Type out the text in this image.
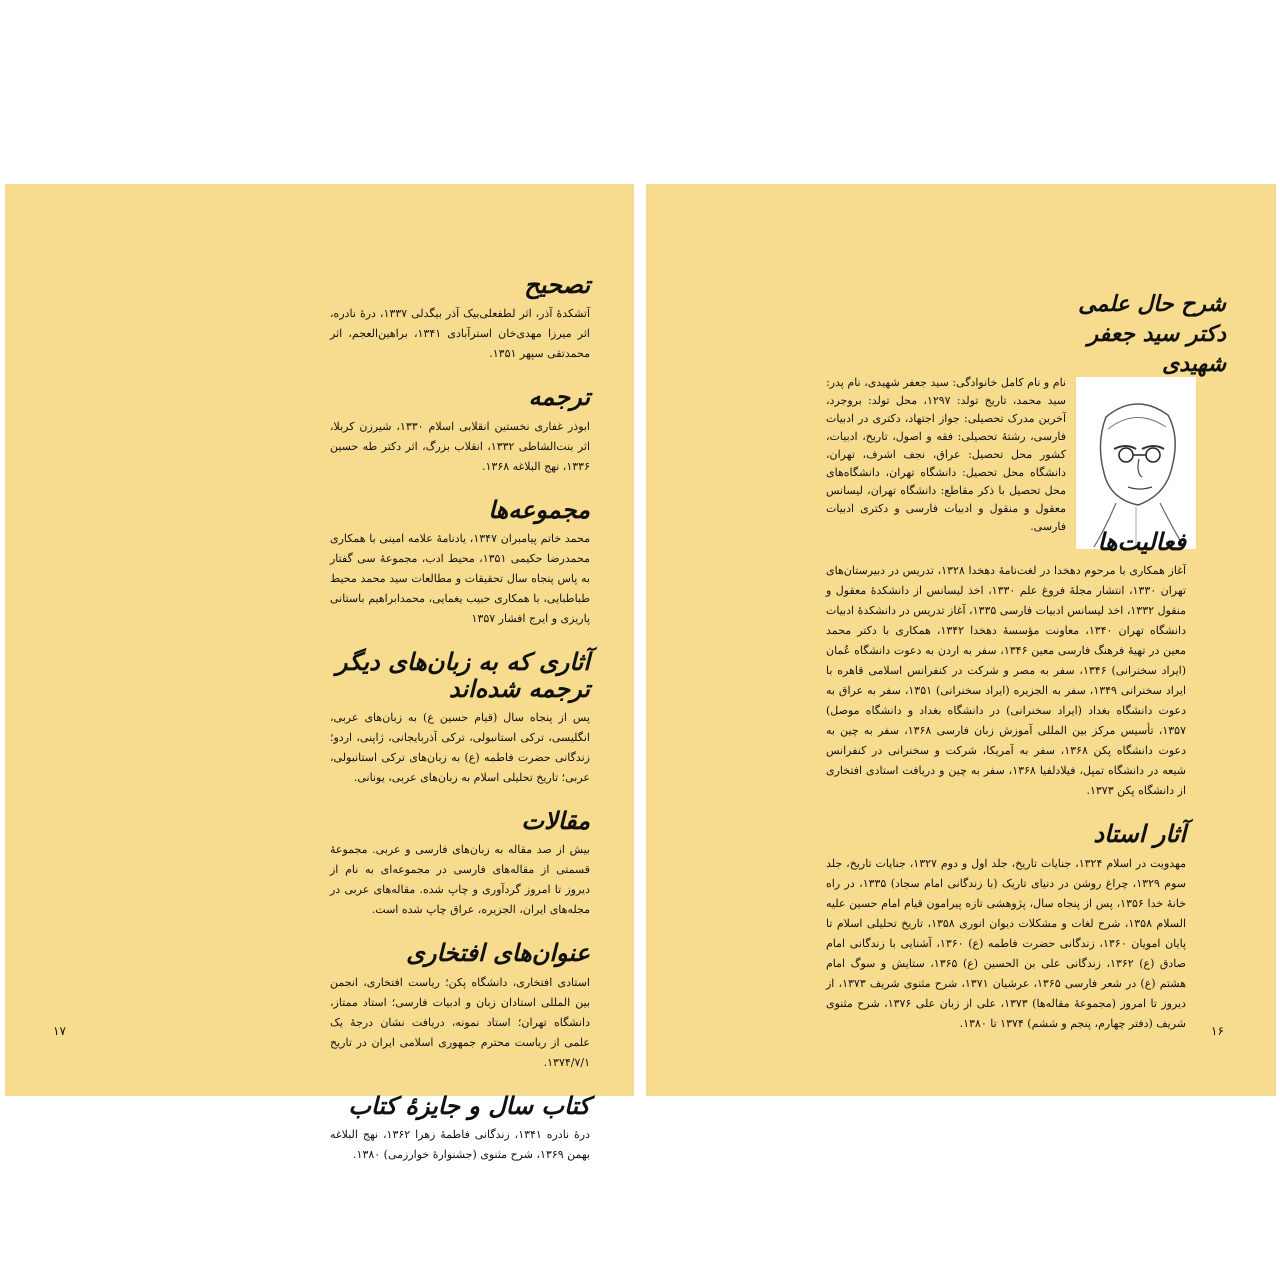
تصحیح

آتشکدهٔ آذر، اثر لطفعلی‌بیک آذر بیگدلی ۱۳۳۷، درهٔ نادره، اثر میرزا مهدی‌خان استرآبادی ۱۳۴۱، براهین‌العجم، اثر محمدتقی سپهر ۱۳۵۱.

ترجمه

ابوذر غفاری نخستین انقلابی اسلام ۱۳۳۰، شیرزن کربلا، اثر بنت‌الشاطی ۱۳۳۲، انقلاب بزرگ، اثر دکتر طه حسین ۱۳۳۶، نهج البلاغه ۱۳۶۸.

مجموعه‌ها

محمد خاتم پیامبران ۱۳۴۷، یادنامهٔ علامه امینی با همکاری محمدرضا حکیمی ۱۳۵۱، محیط ادب، مجموعهٔ سی گفتار به پاس پنجاه سال تحقیقات و مطالعات سید محمد محیط طباطبایی، با همکاری حبیب یغمایی، محمدابراهیم باستانی پاریزی و ایرج افشار ۱۳۵۷

آثاری که به زبان‌های دیگر ترجمه شده‌اند

پس از پنجاه سال (قیام حسین ع) به زبان‌های عربی، انگلیسی، ترکی استانبولی، ترکی آذربایجانی، ژاپنی، اردو؛ زندگانی حضرت فاطمه (ع) به زبان‌های ترکی استانبولی، عربی؛ تاریخ تحلیلی اسلام به زبان‌های عربی، یونانی.

مقالات

بیش از صد مقاله به زبان‌های فارسی و عربی. مجموعهٔ قسمتی از مقاله‌های فارسی در مجموعه‌ای به نام از دیروز تا امروز گردآوری و چاپ شده. مقاله‌های عربی در مجله‌های ایران، الجزیره، عراق چاپ شده است.

عنوان‌های افتخاری

استادی افتخاری، دانشگاه پکن؛ ریاست افتخاری، انجمن بین المللی استادان زبان و ادبیات فارسی؛ استاد ممتاز، دانشگاه تهران؛ استاد نمونه، دریافت نشان درجهٔ یک علمی از ریاست محترم جمهوری اسلامی ایران در تاریخ ۱۳۷۴/۷/۱.

کتاب سال و جایزهٔ کتاب

درهٔ نادره ۱۳۴۱، زندگانی فاطمهٔ زهرا ۱۳۶۲، نهج البلاغه بهمن ۱۳۶۹، شرح مثنوی (جشنوارهٔ خوارزمی) ۱۳۸۰.

۱۷
شرح حال علمی
دکتر سید جعفر شهیدی
نام و نام کامل خانوادگی: سید جعفر شهیدی، نام پدر: سید محمد، تاریخ تولد: ۱۲۹۷، محل تولد: بروجرد، آخرین مدرک تحصیلی: جواز اجتهاد، دکتری در ادبیات فارسی، رشتهٔ تحصیلی: فقه و اصول، تاریخ، ادبیات، کشور محل تحصیل: عراق، نجف اشرف، تهران، دانشگاه محل تحصیل: دانشگاه تهران، دانشگاه‌های محل تحصیل با ذکر مقاطع: دانشگاه تهران، لیسانس معقول و منقول و ادبیات فارسی و دکتری ادبیات فارسی.
فعالیت‌ها

آغاز همکاری با مرحوم دهخدا در لغت‌نامهٔ دهخدا ۱۳۲۸، تدریس در دبیرستان‌های تهران ۱۳۳۰، انتشار مجلهٔ فروغ علم ۱۳۳۰، اخذ لیسانس از دانشکدهٔ معقول و منقول ۱۳۳۲، اخذ لیسانس ادبیات فارسی ۱۳۳۵، آغاز تدریس در دانشکدهٔ ادبیات دانشگاه تهران ۱۳۴۰، معاونت مؤسسهٔ دهخدا ۱۳۴۲، همکاری با دکتر محمد معین در تهیهٔ فرهنگ فارسی معین ۱۳۴۶، سفر به اردن به دعوت دانشگاه عُمان (ایراد سخنرانی) ۱۳۴۶، سفر به مصر و شرکت در کنفرانس اسلامی قاهره با ایراد سخنرانی ۱۳۴۹، سفر به الجزیره (ایراد سخنرانی) ۱۳۵۱، سفر به عراق به دعوت دانشگاه بغداد (ایراد سخنرانی) در دانشگاه بغداد و دانشگاه موصل) ۱۳۵۷، تأسیس مرکز بین المللی آموزش زبان فارسی ۱۳۶۸، سفر به چین به دعوت دانشگاه پکن ۱۳۶۸، سفر به آمریکا، شرکت و سخنرانی در کنفرانس شیعه در دانشگاه تمپل، فیلادلفیا ۱۳۶۸، سفر به چین و دریافت استادی افتخاری از دانشگاه پکن ۱۳۷۳.

آثار استاد

مهدویت در اسلام ۱۳۲۴، جنایات تاریخ، جلد اول و دوم ۱۳۲۷، جنایات تاریخ، جلد سوم ۱۳۲۹، چراغ روشن در دنیای تاریک (با زندگانی امام سجاد) ۱۳۳۵، در راه خانهٔ خدا ۱۳۵۶، پس از پنجاه سال، پژوهشی تازه پیرامون قیام امام حسین علیه السلام ۱۳۵۸، شرح لغات و مشکلات دیوان انوری ۱۳۵۸، تاریخ تحلیلی اسلام تا پایان امویان ۱۳۶۰، زندگانی حضرت فاطمه (ع) ۱۳۶۰، آشنایی با زندگانی امام صادق (ع) ۱۳۶۲، زندگانی علی بن الحسین (ع) ۱۳۶۵، ستایش و سوگ امام هشتم (ع) در شعر فارسی ۱۳۶۵، عرشیان ۱۳۷۱، شرح مثنوی شریف ۱۳۷۳، از دیروز تا امروز (مجموعهٔ مقاله‌ها) ۱۳۷۳، علی از زبان علی ۱۳۷۶، شرح مثنوی شریف (دفتر چهارم، پنجم و ششم) ۱۳۷۴ تا ۱۳۸۰.

۱۶
